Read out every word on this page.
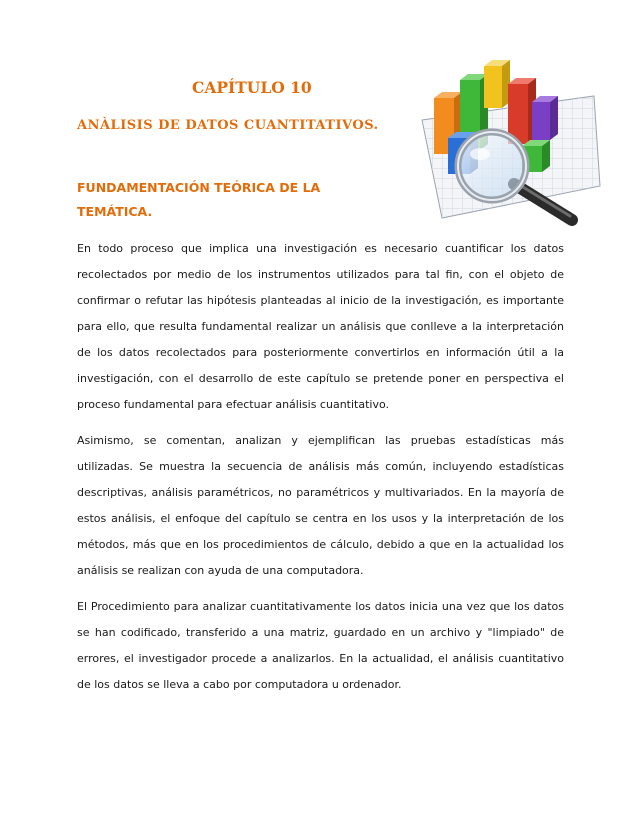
CAPÍTULO 10
ANÀLISIS DE DATOS CUANTITATIVOS.
FUNDAMENTACIÓN TEÓRICA DE LA
TEMÁTICA.

En todo proceso que implica una investigación es necesario cuantificar los datos recolectados por medio de los instrumentos utilizados para tal fin, con el objeto de confirmar o refutar las hipótesis planteadas al inicio de la investigación, es importante para ello, que resulta fundamental realizar un análisis que conlleve a la interpretación de los datos recolectados para posteriormente convertirlos en información útil a la investigación, con el desarrollo de este capítulo se pretende poner en perspectiva el proceso fundamental para efectuar análisis cuantitativo.

Asimismo, se comentan, analizan y ejemplifican las pruebas estadísticas más utilizadas. Se muestra la secuencia de análisis más común, incluyendo estadísticas descriptivas, análisis paramétricos, no paramétricos y multivariados. En la mayoría de estos análisis, el enfoque del capítulo se centra en los usos y la interpretación de los métodos, más que en los procedimientos de cálculo, debido a que en la actualidad los análisis se realizan con ayuda de una computadora.

El Procedimiento para analizar cuantitativamente los datos inicia una vez que los datos se han codificado, transferido a una matriz, guardado en un archivo y "limpiado" de errores, el investigador procede a analizarlos. En la actualidad, el análisis cuantitativo de los datos se lleva a cabo por computadora u ordenador.
